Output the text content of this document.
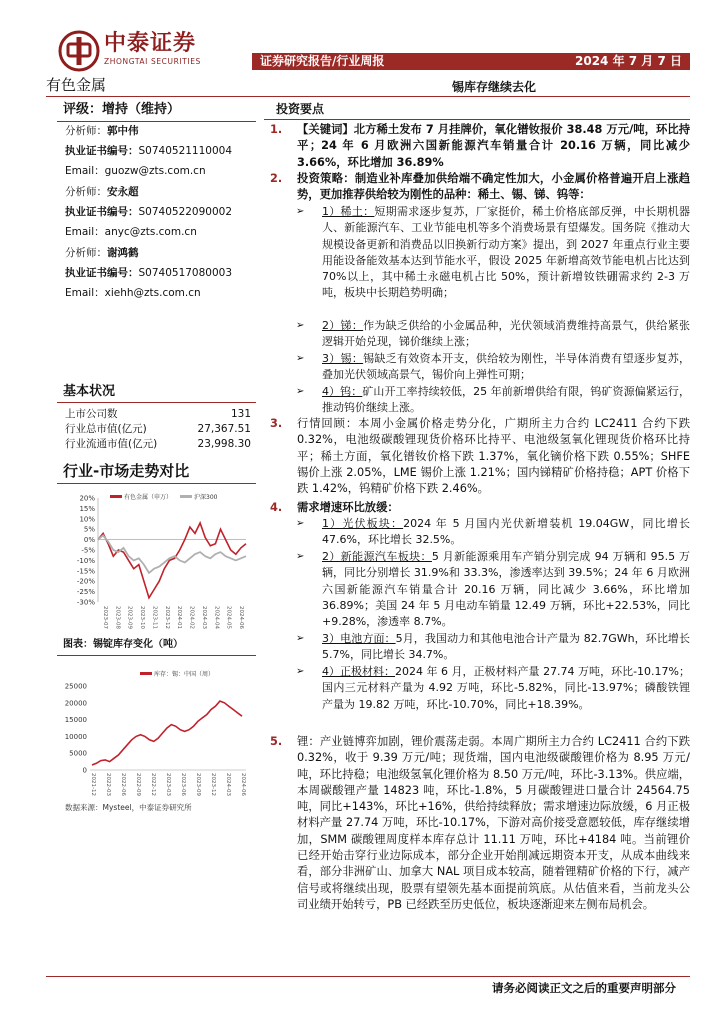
中泰证券
ZHONGTAI SECURITIES	证券研究报告/行业周报	2024 年 7 月 7 日
有色金属	锡库存继续去化
评级：增持（维持）
分析师：郭中伟
执业证书编号：S0740521110004
Email：guozw@zts.com.cn
分析师：安永超
执业证书编号：S0740522090002
Email：anyc@zts.com.cn
分析师：谢鸿鹤
执业证书编号：S0740517080003
Email：xiehh@zts.com.cn
基本状况
上市公司数	131
行业总市值(亿元)	27,367.51
行业流通市值(亿元)	23,998.30
行业-市场走势对比
20%
15%
10%
5%
0%
-5%
-10%
-15%
-20%
-25%
-30%
2023-07 2023-08 2023-09 2023-10 2023-11 2023-12 2024-01 2024-02 2024-03 2024-04 2024-05 2024-06
有色金属（申万）	沪深300
图表：锡锭库存变化（吨）
25000
20000
15000
10000
5000
0
2021-12 2022-03 2022-06 2022-09 2022-12 2023-03 2023-06 2023-09 2023-12 2024-03 2024-06
库存：锡：中国（周）
数据来源：Mysteel，中泰证券研究所
投资要点
1. 【关键词】北方稀土发布 7 月挂牌价，氧化镨钕报价 38.48 万元/吨，环比持平；24 年 6 月欧洲六国新能源汽车销量合计 20.16 万辆，同比减少 3.66%，环比增加 36.89%
2. 投资策略：制造业补库叠加供给端不确定性加大，小金属价格普遍开启上涨趋势，更加推荐供给较为刚性的品种：稀土、锡、锑、钨等：
➢ 1）稀土：短期需求逐步复苏，厂家挺价，稀土价格底部反弹，中长期机器人、新能源汽车、工业节能电机等多个消费场景有望爆发。国务院《推动大规模设备更新和消费品以旧换新行动方案》提出，到 2027 年重点行业主要用能设备能效基本达到节能水平，假设 2025 年新增高效节能电机占比达到 70%以上，其中稀土永磁电机占比 50%，预计新增钕铁硼需求约 2-3 万吨，板块中长期趋势明确；
➢ 2）锑：作为缺乏供给的小金属品种，光伏领域消费维持高景气，供给紧张逻辑开始兑现，锑价继续上涨；
➢ 3）锡：锡缺乏有效资本开支，供给较为刚性，半导体消费有望逐步复苏，叠加光伏领域高景气，锡价向上弹性可期；
➢ 4）钨：矿山开工率持续较低，25 年前新增供给有限，钨矿资源偏紧运行，推动钨价继续上涨。
3. 行情回顾：本周小金属价格走势分化，广期所主力合约 LC2411 合约下跌 0.32%，电池级碳酸锂现货价格环比持平、电池级氢氧化锂现货价格环比持平；稀土方面，氧化镨钕价格下跌 1.37%，氧化镝价格下跌 0.55%；SHFE 锡价上涨 2.05%，LME 锡价上涨 1.21%；国内锑精矿价格持稳；APT 价格下跌 1.42%，钨精矿价格下跌 2.46%。
4. 需求增速环比放缓：
➢ 1）光伏板块：2024 年 5 月国内光伏新增装机 19.04GW，同比增长 47.6%，环比增长 32.5%。
➢ 2）新能源汽车板块：5 月新能源乘用车产销分别完成 94 万辆和 95.5 万辆，同比分别增长 31.9%和 33.3%，渗透率达到 39.5%；24 年 6 月欧洲六国新能源汽车销量合计 20.16 万辆，同比减少 3.66%，环比增加 36.89%；美国 24 年 5 月电动车销量 12.49 万辆，环比+22.53%，同比+9.28%，渗透率 8.7%。
➢ 3）电池方面：5月，我国动力和其他电池合计产量为 82.7GWh，环比增长 5.7%，同比增长 34.7%。
➢ 4）正极材料：2024 年 6 月，正极材料产量 27.74 万吨，环比-10.17%；国内三元材料产量为 4.92 万吨，环比-5.82%，同比-13.97%；磷酸铁锂产量为 19.82 万吨，环比-10.70%，同比+18.39%。
5. 锂：产业链博弈加剧，锂价震荡走弱。本周广期所主力合约 LC2411 合约下跌 0.32%，收于 9.39 万元/吨；现货端，国内电池级碳酸锂价格为 8.95 万元/吨，环比持稳；电池级氢氧化锂价格为 8.50 万元/吨，环比-3.13%。供应端，本周碳酸锂产量 14823 吨，环比-1.8%，5 月碳酸锂进口量合计 24564.75 吨，同比+143%，环比+16%，供给持续释放；需求增速边际放缓，6 月正极材料产量 27.74 万吨，环比-10.17%，下游对高价接受意愿较低，库存继续增加，SMM 碳酸锂周度样本库存总计 11.11 万吨，环比+4184 吨。当前锂价已经开始击穿行业边际成本，部分企业开始削减远期资本开支，从成本曲线来看，部分非洲矿山、加拿大 NAL 项目成本较高，随着锂精矿价格的下行，减产信号或将继续出现，股票有望领先基本面提前筑底。从估值来看，当前龙头公司业绩开始转亏，PB 已经跌至历史低位，板块逐渐迎来左侧布局机会。
请务必阅读正文之后的重要声明部分
